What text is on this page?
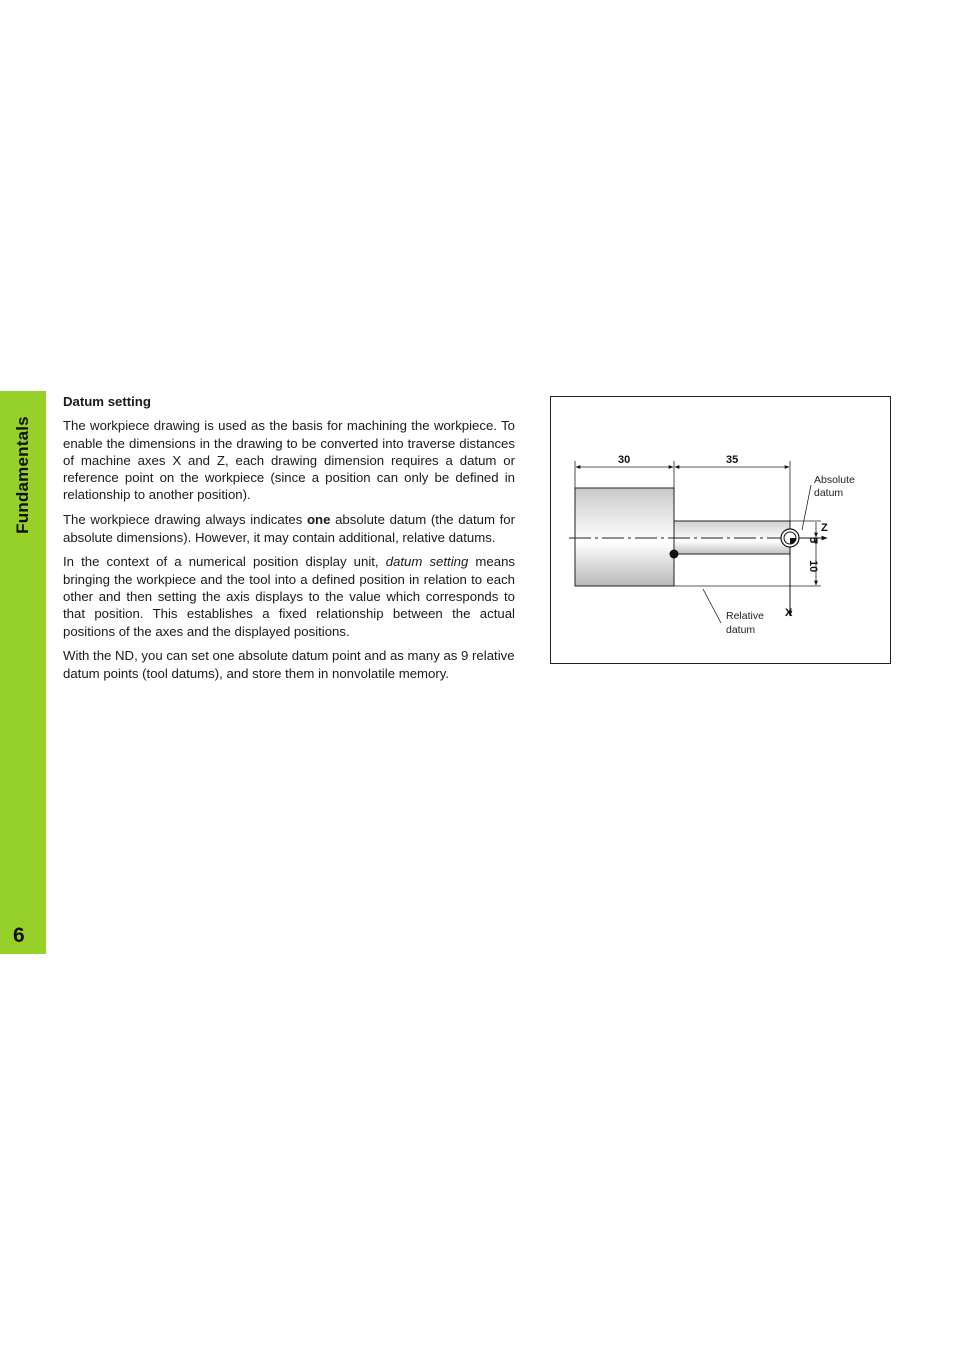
Fundamentals
6
Datum setting

The workpiece drawing is used as the basis for machining the workpiece. To enable the dimensions in the drawing to be converted into traverse distances of machine axes X and Z, each drawing dimension requires a datum or reference point on the workpiece (since a position can only be defined in relationship to another position).

The workpiece drawing always indicates one absolute datum (the datum for absolute dimensions). However, it may contain additional, relative datums.

In the context of a numerical position display unit, datum setting means bringing the workpiece and the tool into a defined position in relation to each other and then setting the axis displays to the value which corresponds to that position. This establishes a fixed relationship between the actual positions of the axes and the displayed positions.

With the ND, you can set one absolute datum point and as many as 9 relative datum points (tool datums), and store them in nonvolatile memory.

30	35
5
10
Z
X
Absolute
datum
Relative
datum
